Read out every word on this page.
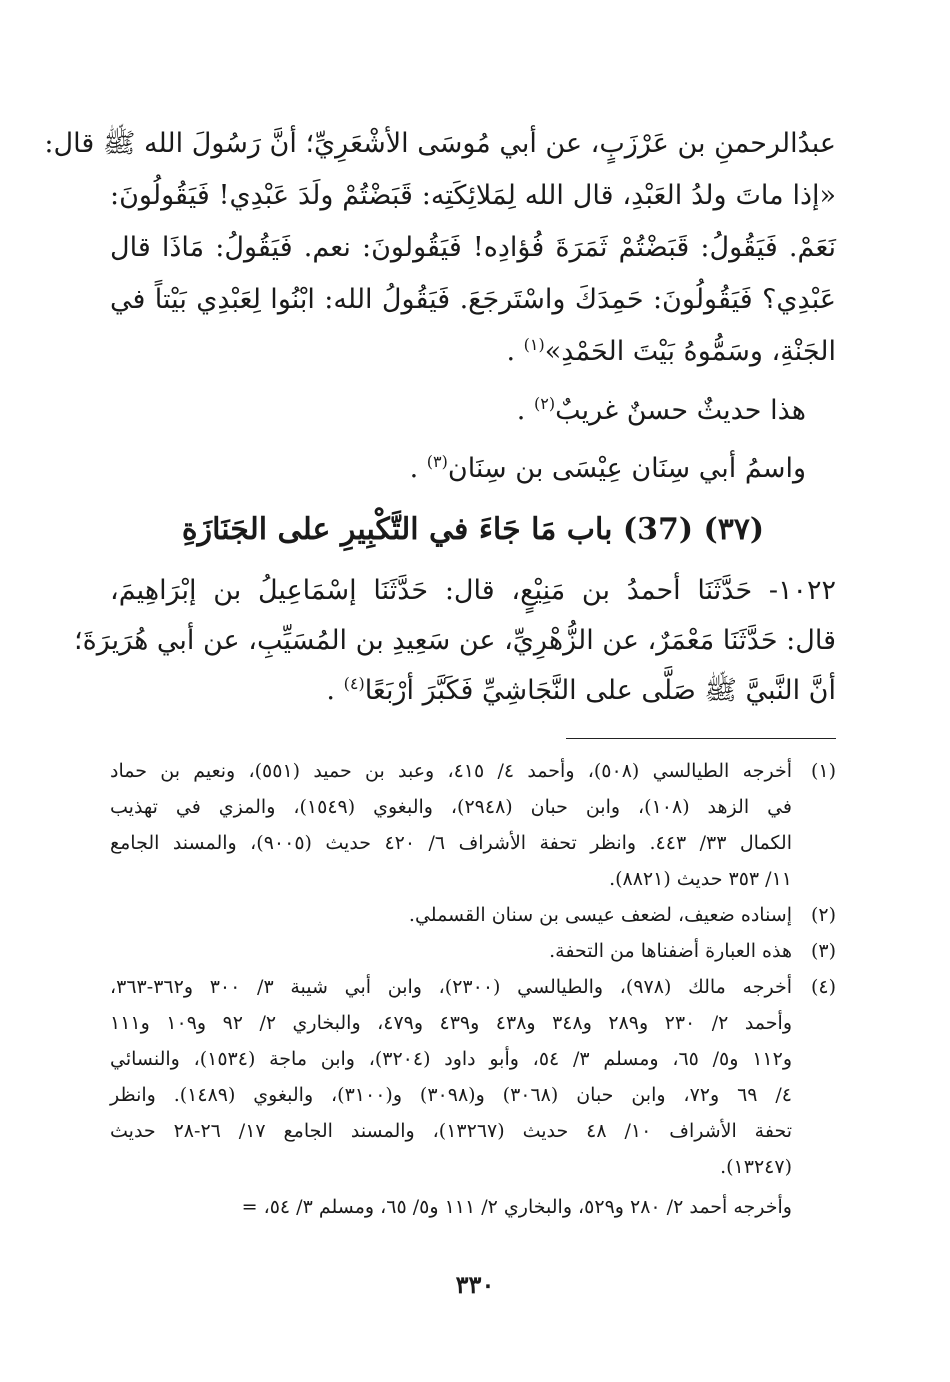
عبدُالرحمنِ بن عَرْزَبٍ، عن أبي مُوسَى الأشْعَرِيِّ؛ أنَّ رَسُولَ الله ﷺ قال:
«إذا ماتَ ولدُ العَبْدِ، قال الله لِمَلائِكَتِه: قَبَضْتُمْ ولَدَ عَبْدِي! فَيَقُولُونَ:
نَعَمْ. فَيَقُولُ: قَبَضْتُمْ ثَمَرَةَ فُؤادِه! فَيَقُولونَ: نعم. فَيَقُولُ: مَاذَا قال
عَبْدِي؟ فَيَقُولُونَ: حَمِدَكَ واسْتَرجَعَ. فَيَقُولُ الله: ابْنُوا لِعَبْدِي بَيْتاً في
الجَنْةِ، وسَمُّوهُ بَيْتَ الحَمْدِ»$^{(١)}$ .

هذا حديثٌ حسنٌ غريبٌ$^{(٢)}$ .

واسمُ أبي سِنَان عِيْسَى بن سِنَان$^{(٣)}$ .

(٣٧) (37) باب مَا جَاءَ في التَّكْبِيرِ على الجَنَازَةِ
١٠٢٢- حَدَّثَنَا أحمدُ بن مَنِيْعٍ، قال: حَدَّثَنَا إسْمَاعِيلُ بن إبْرَاهِيمَ،
قال: حَدَّثَنَا مَعْمَرٌ، عن الزُّهْرِيِّ، عن سَعِيدِ بن المُسَيِّبِ، عن أبي هُرَيرَةَ؛
أنَّ النَّبيَّ ﷺ صَلَّى على النَّجَاشِيِّ فَكَبَّرَ أرْبَعًا$^{(٤)}$ .
(١)
أخرجه الطيالسي (٥٠٨)، وأحمد ٤/ ٤١٥، وعبد بن حميد (٥٥١)، ونعيم بن حماد
في الزهد (١٠٨)، وابن حبان (٢٩٤٨)، والبغوي (١٥٤٩)، والمزي في تهذيب
الكمال ٣٣/ ٤٤٣. وانظر تحفة الأشراف ٦/ ٤٢٠ حديث (٩٠٠٥)، والمسند الجامع
١١/ ٣٥٣ حديث (٨٨٢١).
(٢)
إسناده ضعيف، لضعف عيسى بن سنان القسملي.
(٣)
هذه العبارة أضفناها من التحفة.
(٤)
أخرجه مالك (٩٧٨)، والطيالسي (٢٣٠٠)، وابن أبي شيبة ٣/ ٣٠٠ و٣٦٢-٣٦٣،
وأحمد ٢/ ٢٣٠ و٢٨٩ و٣٤٨ و٤٣٨ و٤٣٩ و٤٧٩، والبخاري ٢/ ٩٢ و١٠٩ و١١١
و١١٢ و٥/ ٦٥، ومسلم ٣/ ٥٤، وأبو داود (٣٢٠٤)، وابن ماجة (١٥٣٤)، والنسائي
٤/ ٦٩ و٧٢، وابن حبان (٣٠٦٨) و(٣٠٩٨) و(٣١٠٠)، والبغوي (١٤٨٩). وانظر
تحفة الأشراف ١٠/ ٤٨ حديث (١٣٢٦٧)، والمسند الجامع ١٧/ ٢٦-٢٨ حديث
(١٣٢٤٧).
وأخرجه أحمد ٢/ ٢٨٠ و٥٢٩، والبخاري ٢/ ١١١ و٥/ ٦٥، ومسلم ٣/ ٥٤، =
٣٣٠
